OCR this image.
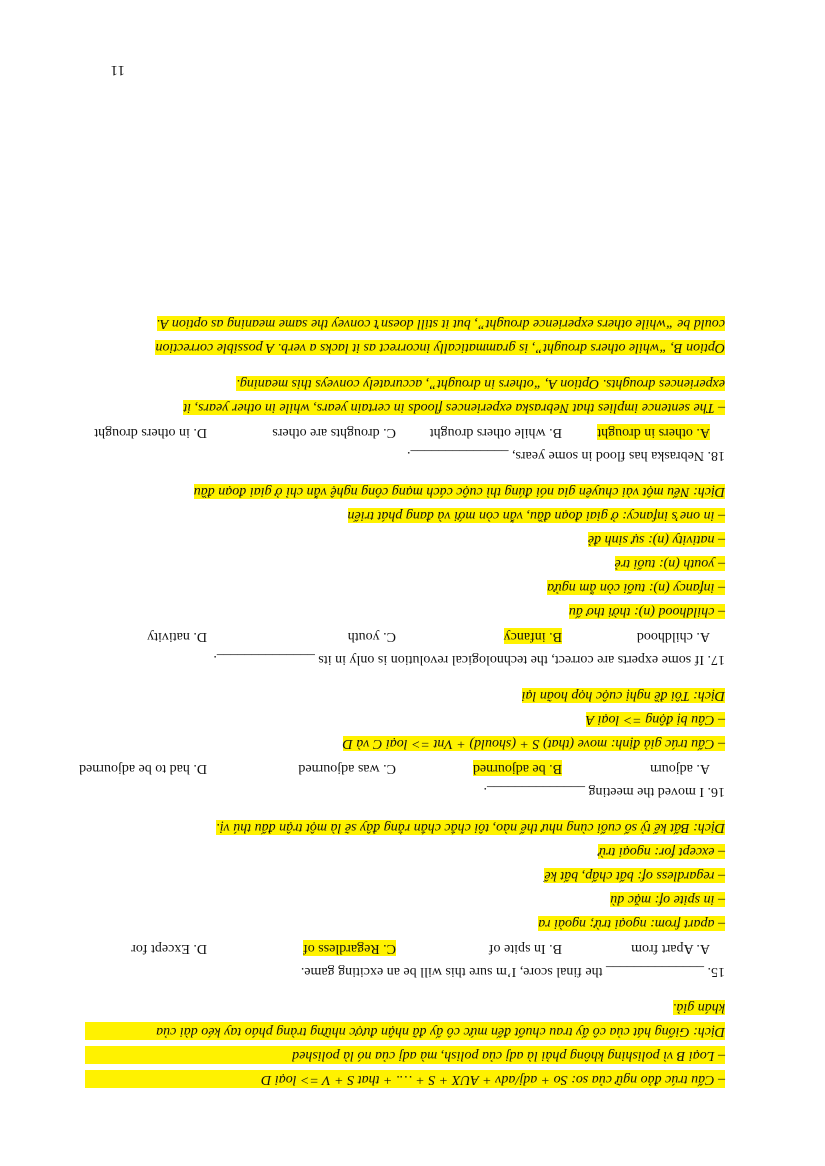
– Cấu trúc đảo ngữ của so: So + adj/adv + AUX + S + …. + that S + V => loại D
– Loại B vì polishing không phải là adj của polish, mà adj của nó là polished
Dịch: Giống hát của cô ấy trau chuốt đến mức cô ấy đã nhận được những tràng pháo tay kéo dài của
khán giả.
15. ______________ the final score, I’m sure this will be an exciting game.
A. Apart from
B. In spite of
C. Regardless of
D. Except for
– apart from: ngoại trừ; ngoài ra
– in spite of: mặc dù
– regardless of: bất chấp, bất kể
– except for: ngoại trừ
Dịch: Bất kể tỷ số cuối cùng như thế nào, tôi chắc chắn rằng đây sẽ là một trận đấu thú vị.
16. I moved the meeting ______________.
A. adjourn
B. be adjourned
C. was adjourned
D. had to be adjourned
– Cấu trúc giả định: move (that) S + (should) + Vnt => loại C và D
– Câu bị động => loại A
Dịch: Tôi đề nghị cuộc họp hoãn lại
17. If some experts are correct, the technological revolution is only in its ______________.
A. childhood
B. infancy
C. youth
D. nativity
– childhood (n): thời thơ ấu
– infancy (n): tuổi còn ẵm ngửa
– youth (n): tuổi trẻ
– nativity (n): sự sinh đẻ
– in one’s infancy: ở giai đoạn đầu, vẫn còn mới và đang phát triển
Dịch: Nếu một vài chuyên gia nói đúng thì cuộc cách mạng công nghệ vẫn chỉ ở giai đoạn đầu
18. Nebraska has flood in some years, ______________.
A. others in drought
B. while others drought
C. droughts are others
D. in others drought
– The sentence implies that Nebraska experiences floods in certain years, while in other years, it
experiences droughts. Option A, “others in drought”, accurately conveys this meaning.
Option B, “while others drought”, is grammatically incorrect as it lacks a verb. A possible correction
could be “while others experience drought”, but it still doesn’t convey the same meaning as option A.
11
